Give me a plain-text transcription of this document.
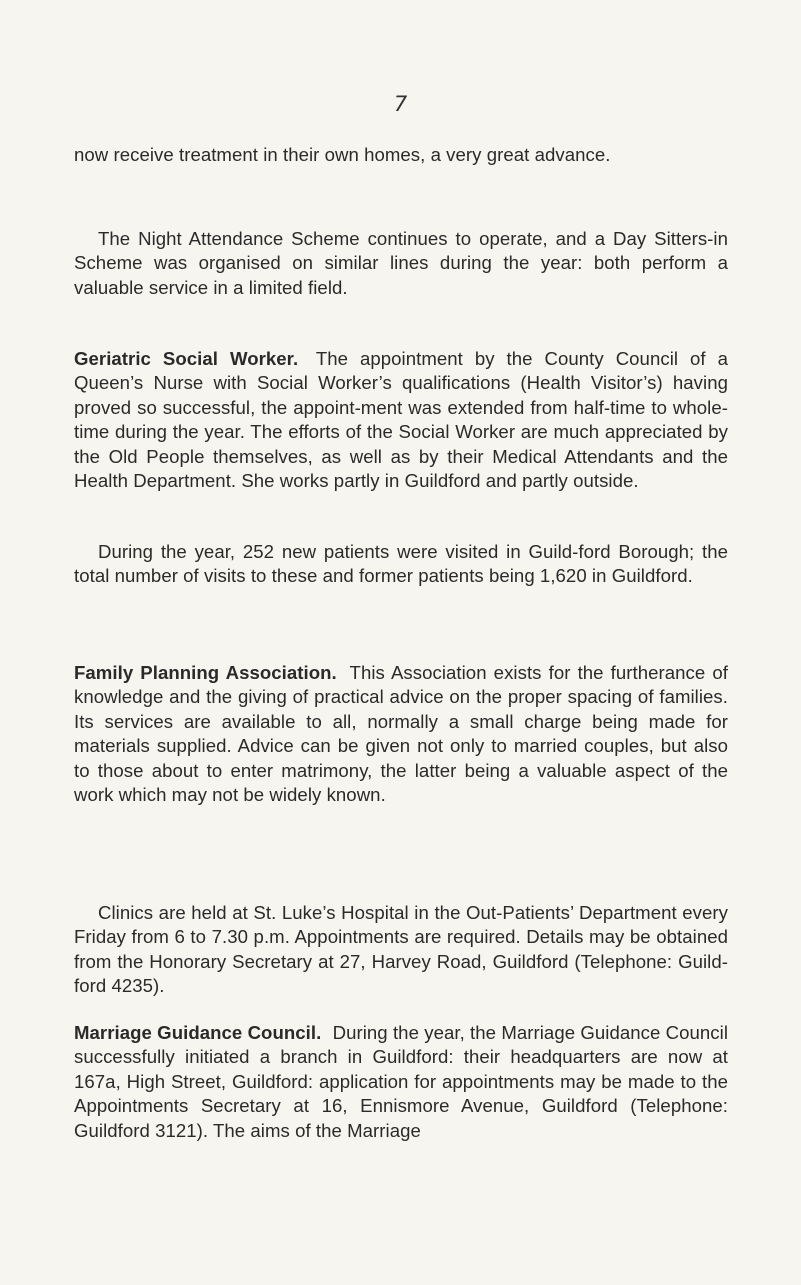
7

now receive treatment in their own homes, a very great advance.

The Night Attendance Scheme continues to operate, and a Day Sitters-in Scheme was organised on similar lines during the year: both perform a valuable service in a limited field.

Geriatric Social Worker. The appointment by the County Council of a Queen’s Nurse with Social Worker’s qualifications (Health Visitor’s) having proved so successful, the appoint-ment was extended from half-time to whole-time during the year. The efforts of the Social Worker are much appreciated by the Old People themselves, as well as by their Medical Attendants and the Health Department. She works partly in Guildford and partly outside.

During the year, 252 new patients were visited in Guild-ford Borough; the total number of visits to these and former patients being 1,620 in Guildford.

Family Planning Association. This Association exists for the furtherance of knowledge and the giving of practical advice on the proper spacing of families. Its services are available to all, normally a small charge being made for materials supplied. Advice can be given not only to married couples, but also to those about to enter matrimony, the latter being a valuable aspect of the work which may not be widely known.

Clinics are held at St. Luke’s Hospital in the Out-Patients’ Department every Friday from 6 to 7.30 p.m. Appointments are required. Details may be obtained from the Honorary Secretary at 27, Harvey Road, Guildford (Telephone: Guild-ford 4235).

Marriage Guidance Council. During the year, the Marriage Guidance Council successfully initiated a branch in Guildford: their headquarters are now at 167a, High Street, Guildford: application for appointments may be made to the Appointments Secretary at 16, Ennismore Avenue, Guildford (Telephone: Guildford 3121). The aims of the Marriage
